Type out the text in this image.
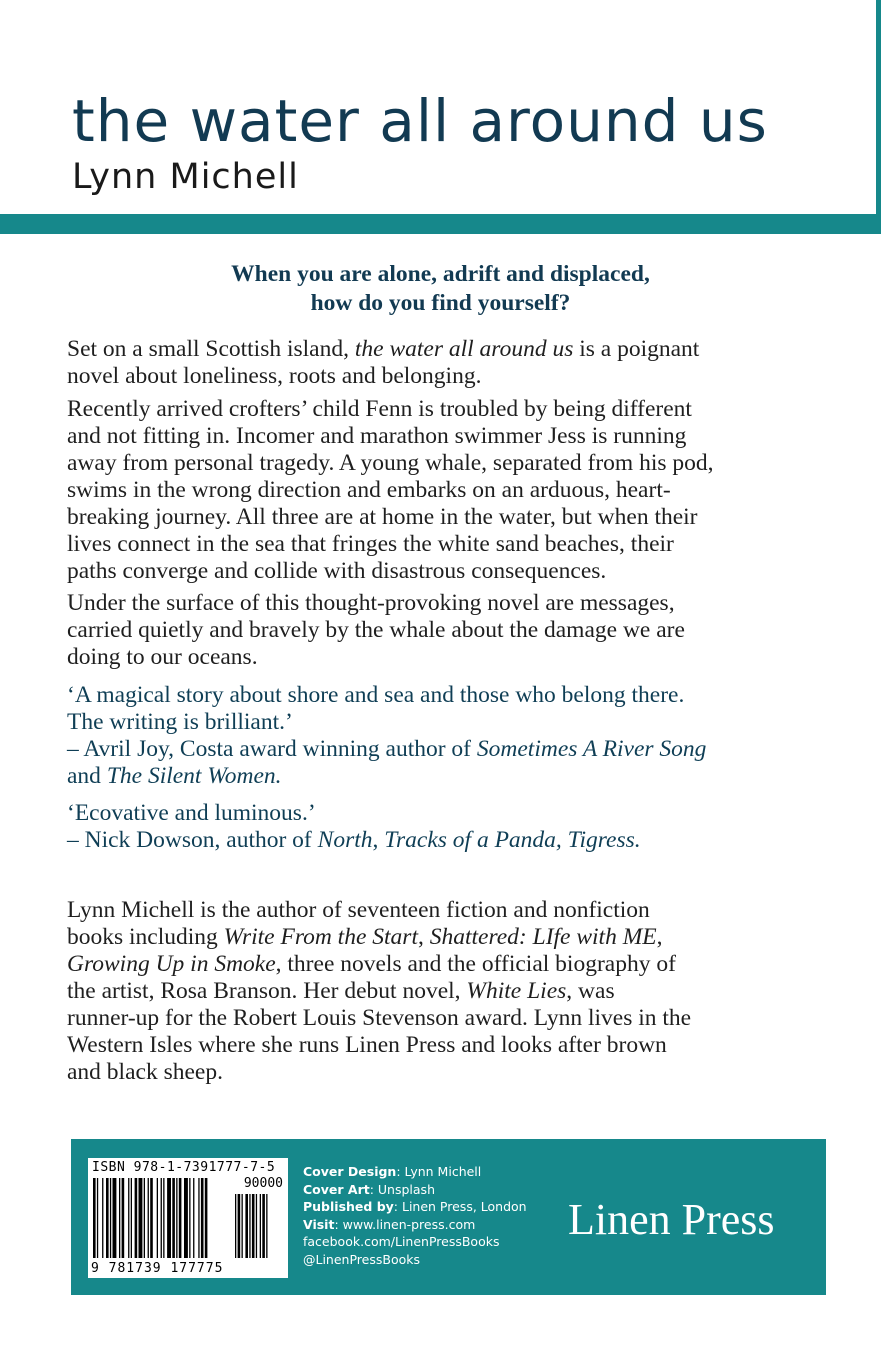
the water all around us
Lynn Michell
When you are alone, adrift and displaced,
how do you find yourself?
Set on a small Scottish island, the water all around us is a poignant
novel about loneliness, roots and belonging.
Recently arrived crofters’ child Fenn is troubled by being different
and not fitting in. Incomer and marathon swimmer Jess is running
away from personal tragedy. A young whale, separated from his pod,
swims in the wrong direction and embarks on an arduous, heart-
breaking journey. All three are at home in the water, but when their
lives connect in the sea that fringes the white sand beaches, their
paths converge and collide with disastrous consequences.
Under the surface of this thought-provoking novel are messages,
carried quietly and bravely by the whale about the damage we are
doing to our oceans.
‘A magical story about shore and sea and those who belong there.
The writing is brilliant.’
– Avril Joy, Costa award winning author of Sometimes A River Song
and The Silent Women.
‘Ecovative and luminous.’
– Nick Dowson, author of North, Tracks of a Panda, Tigress.
Lynn Michell is the author of seventeen fiction and nonfiction
books including Write From the Start, Shattered: LIfe with ME,
Growing Up in Smoke, three novels and the official biography of
the artist, Rosa Branson. Her debut novel, White Lies, was
runner-up for the Robert Louis Stevenson award. Lynn lives in the
Western Isles where she runs Linen Press and looks after brown
and black sheep.
ISBN 978-1-7391777-7-5
90000
9 781739 177775
Cover Design: Lynn Michell
Cover Art: Unsplash
Published by: Linen Press, London
Visit: www.linen-press.com
facebook.com/LinenPressBooks
@LinenPressBooks
Linen Press
